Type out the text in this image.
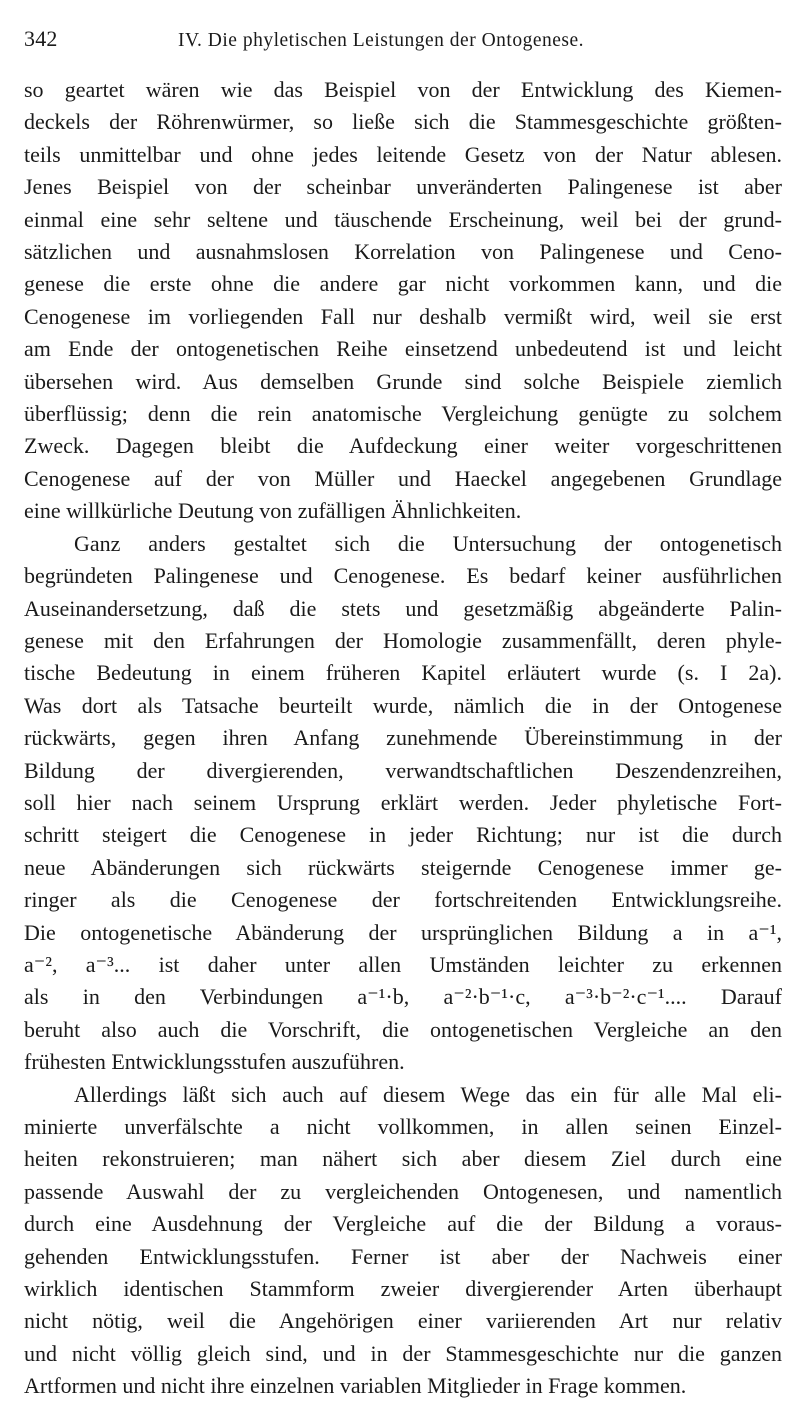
342	IV. Die phyletischen Leistungen der Ontogenese.
so geartet wären wie das Beispiel von der Entwicklung des Kiemen-
deckels der Röhrenwürmer, so ließe sich die Stammesgeschichte größten-
teils unmittelbar und ohne jedes leitende Gesetz von der Natur ablesen.
Jenes Beispiel von der scheinbar unveränderten Palingenese ist aber
einmal eine sehr seltene und täuschende Erscheinung, weil bei der grund-
sätzlichen und ausnahmslosen Korrelation von Palingenese und Ceno-
genese die erste ohne die andere gar nicht vorkommen kann, und die
Cenogenese im vorliegenden Fall nur deshalb vermißt wird, weil sie erst
am Ende der ontogenetischen Reihe einsetzend unbedeutend ist und leicht
übersehen wird. Aus demselben Grunde sind solche Beispiele ziemlich
überflüssig; denn die rein anatomische Vergleichung genügte zu solchem
Zweck. Dagegen bleibt die Aufdeckung einer weiter vorgeschrittenen
Cenogenese auf der von Müller und Haeckel angegebenen Grundlage
eine willkürliche Deutung von zufälligen Ähnlichkeiten.
Ganz anders gestaltet sich die Untersuchung der ontogenetisch
begründeten Palingenese und Cenogenese. Es bedarf keiner ausführlichen
Auseinandersetzung, daß die stets und gesetzmäßig abgeänderte Palin-
genese mit den Erfahrungen der Homologie zusammenfällt, deren phyle-
tische Bedeutung in einem früheren Kapitel erläutert wurde (s. I 2a).
Was dort als Tatsache beurteilt wurde, nämlich die in der Ontogenese
rückwärts, gegen ihren Anfang zunehmende Übereinstimmung in der
Bildung der divergierenden, verwandtschaftlichen Deszendenzreihen,
soll hier nach seinem Ursprung erklärt werden. Jeder phyletische Fort-
schritt steigert die Cenogenese in jeder Richtung; nur ist die durch
neue Abänderungen sich rückwärts steigernde Cenogenese immer ge-
ringer als die Cenogenese der fortschreitenden Entwicklungsreihe.
Die ontogenetische Abänderung der ursprünglichen Bildung a in a⁻¹,
a⁻², a⁻³... ist daher unter allen Umständen leichter zu erkennen
als in den Verbindungen a⁻¹·b, a⁻²·b⁻¹·c, a⁻³·b⁻²·c⁻¹.... Darauf
beruht also auch die Vorschrift, die ontogenetischen Vergleiche an den
frühesten Entwicklungsstufen auszuführen.
Allerdings läßt sich auch auf diesem Wege das ein für alle Mal eli-
minierte unverfälschte a nicht vollkommen, in allen seinen Einzel-
heiten rekonstruieren; man nähert sich aber diesem Ziel durch eine
passende Auswahl der zu vergleichenden Ontogenesen, und namentlich
durch eine Ausdehnung der Vergleiche auf die der Bildung a voraus-
gehenden Entwicklungsstufen. Ferner ist aber der Nachweis einer
wirklich identischen Stammform zweier divergierender Arten überhaupt
nicht nötig, weil die Angehörigen einer variierenden Art nur relativ
und nicht völlig gleich sind, und in der Stammesgeschichte nur die ganzen
Artformen und nicht ihre einzelnen variablen Mitglieder in Frage kommen.
